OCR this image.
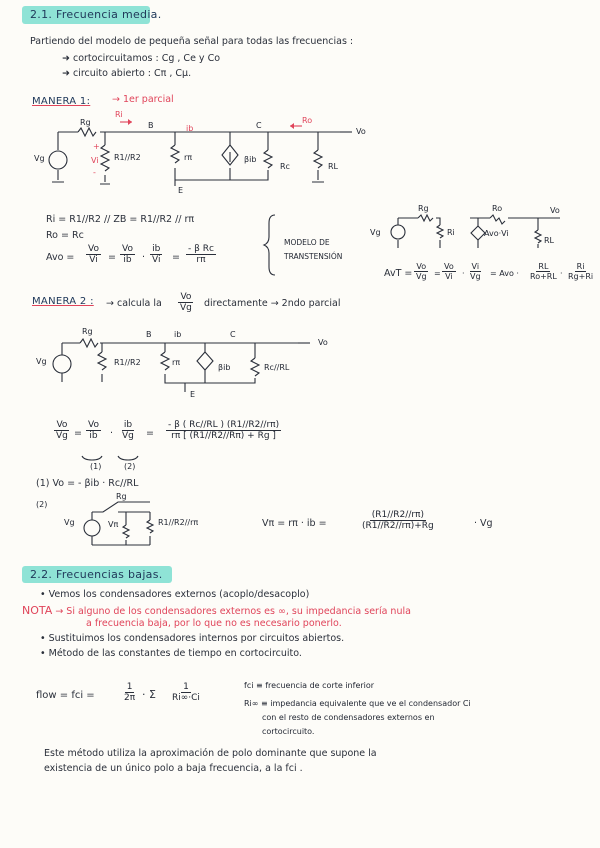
2.1. Frecuencia media.
Partiendo del modelo de pequeña señal para todas las frecuencias :
➜ cortocircuitamos : Cg , Ce y Co
➜ circuito abierto : Cπ , Cμ.
MANERA 1: → 1er parcial
Ri
Rg	B	ib	C
Ro
Vo
Vg	Vi
+
-
R1//R2	rπ	βib
Rc	RL
E
Ri = R1//R2 // ZB = R1//R2 // rπ
Ro = Rc
Avo = $\frac{Vo}{Vi} = \frac{Vo}{ib} \cdot \frac{ib}{Vi} = \frac{\text{- β Rc}}{r\pi}$
MODELO DE TRANSTENSIÓN
Rg	Ro	Vo
Vg	Ri	Avo·Vi
RL
AvT = $\frac{Vo}{Vg} = \frac{Vo}{Vi} \cdot \frac{Vi}{Vg}$ = Avo · $\frac{RL}{Ro+RL} \cdot \frac{Ri}{Rg+Ri}$
MANERA 2 : → calcula la $\frac{Vo}{Vg}$ directamente → 2ndo parcial
Rg	B	ib	C
Vo
Vg	R1//R2	rπ
βib	Rc//RL
E
$\frac{Vo}{Vg} = \frac{Vo}{ib} \cdot \frac{ib}{Vg} = \frac{- \beta ( Rc//RL ) (R1//R2//r\pi)}{r\pi [ (R1//R2//R\pi) + Rg ]}$
(1)	(2)
(1) Vo = - βib · Rc//RL
(2)
Rg
Vg	Vπ	R1//R2//rπ	Vπ = rπ · ib =	$\frac{(R1//R2//r\pi)}{(R1//R2//r\pi)+Rg}$	· Vg
2.2. Frecuencias bajas.
• Vemos los condensadores externos (acoplo/desacoplo)
NOTA → Si alguno de los condensadores externos es ∞, su impedancia sería nula
a frecuencia baja, por lo que no es necesario ponerlo.
• Sustituimos los condensadores internos por circuitos abiertos.
• Método de las constantes de tiempo en cortocircuito.
flow = fci =	$\frac{1}{2\pi} \cdot \Sigma \frac{1}{Ri\infty\cdot Ci}$	fci ≡ frecuencia de corte inferior
Ri∞ ≡ impedancia equivalente que ve el condensador Ci
con el resto de condensadores externos en
cortocircuito.
Este método utiliza la aproximación de polo dominante que supone la
existencia de un único polo a baja frecuencia, a la fci .
